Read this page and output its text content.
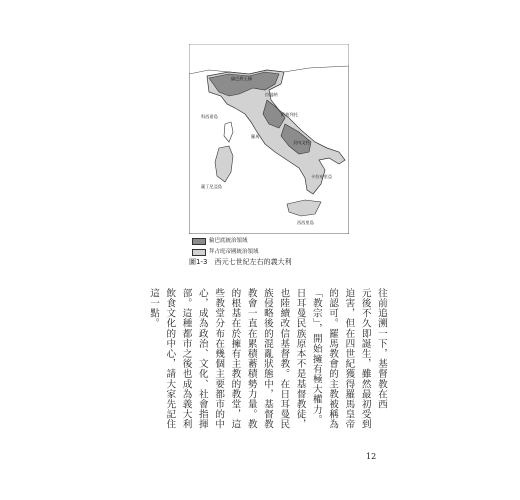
倫巴底王國
拉溫納
科西嘉島
羅馬
薩丁尼亞島
斯波列托
貝內文托
卡拉布里亞
西西里島
倫巴底統治領域
拜占庭帝國統治領域
圖1-3 西元七世紀左右的義大利
往前追溯一下，基督教在西
元後不久即誕生，雖然最初受到
迫害，但在四世紀獲得羅馬皇帝
的認可。羅馬教會的主教被稱為
「教宗」，開始擁有極大權力。
日耳曼民族原本不是基督教徒，
也陸續改信基督教。在日耳曼民
族侵略後的混亂狀態中，基督教
教會一直在累積蓄積勢力量。教
的根基在於擁有主教的教堂，這
些教堂分布在幾個主要都市的中
心，成為政治、文化、社會指揮
部。這種都市之後也成為義大利
飲食文化的中心，請大家先記住
這一點。
12
